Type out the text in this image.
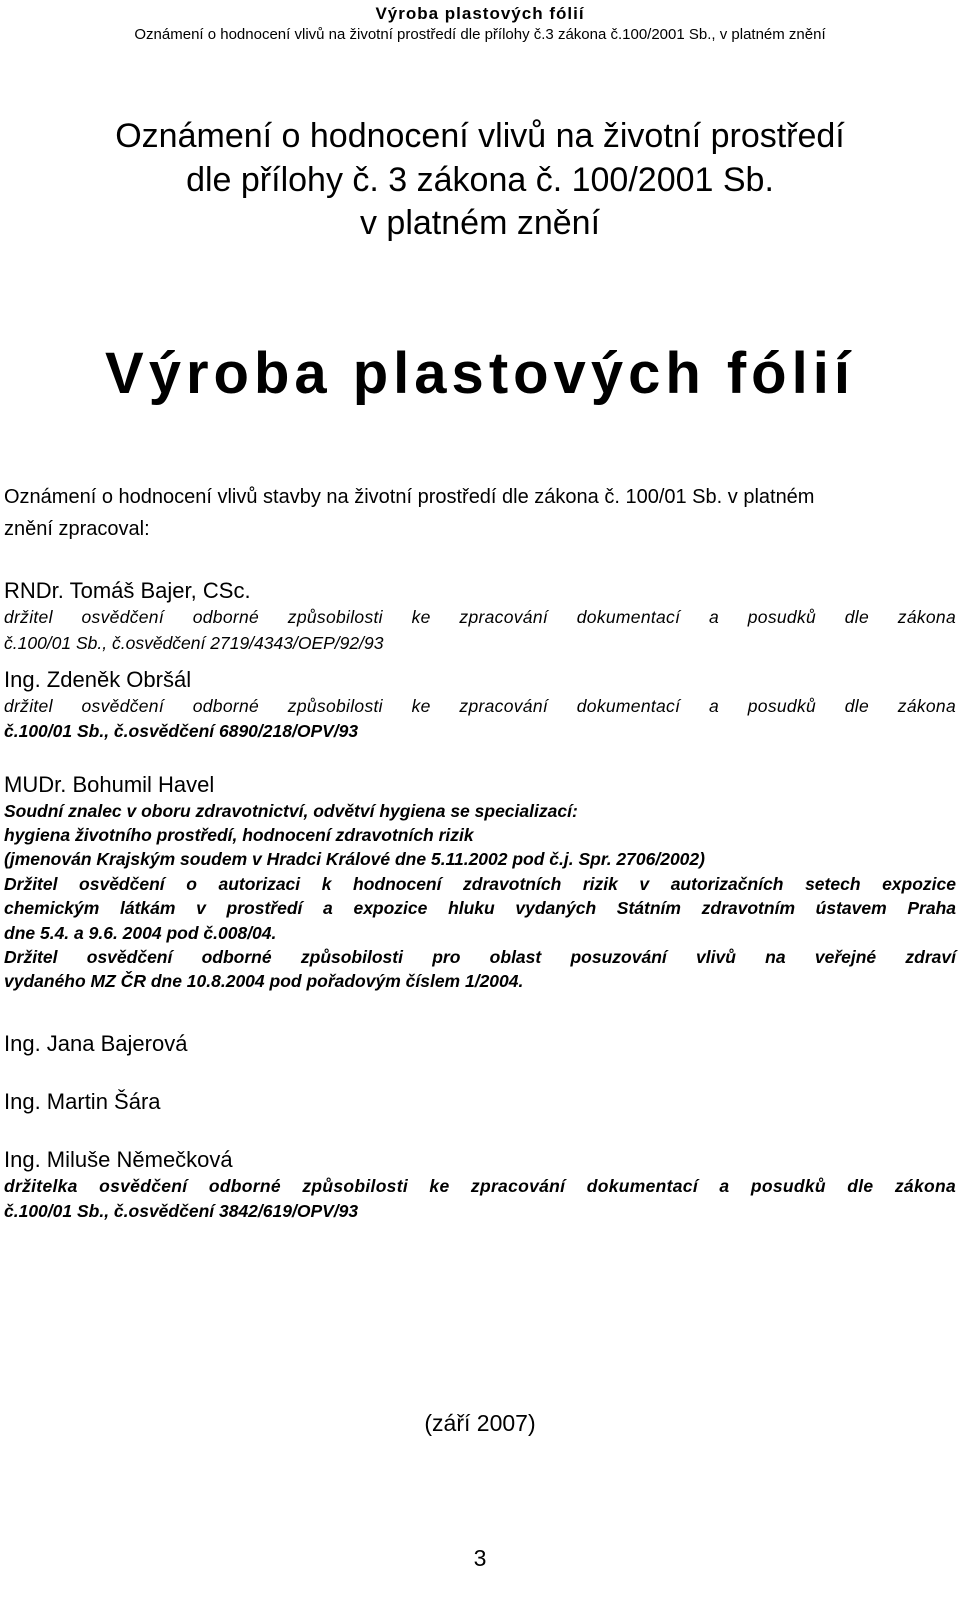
Výroba plastových fólií
Oznámení o hodnocení vlivů na životní prostředí dle přílohy č.3 zákona č.100/2001 Sb., v platném znění
Oznámení o hodnocení vlivů na životní prostředí
dle přílohy č. 3 zákona č. 100/2001 Sb.
v platném znění
Výroba plastových fólií
Oznámení o hodnocení vlivů stavby na životní prostředí dle zákona č. 100/01 Sb. v platném
znění zpracoval:
RNDr. Tomáš Bajer, CSc.
držitel osvědčení odborné způsobilosti ke zpracování dokumentací a posudků dle zákona
č.100/01 Sb., č.osvědčení 2719/4343/OEP/92/93
Ing. Zdeněk Obršál
držitel osvědčení odborné způsobilosti ke zpracování dokumentací a posudků dle zákona
č.100/01 Sb., č.osvědčení 6890/218/OPV/93
MUDr. Bohumil Havel
Soudní znalec v oboru zdravotnictví, odvětví hygiena se specializací:
hygiena životního prostředí, hodnocení zdravotních rizik
(jmenován Krajským soudem v Hradci Králové dne 5.11.2002 pod č.j. Spr. 2706/2002)
Držitel osvědčení o autorizaci k hodnocení zdravotních rizik v autorizačních setech expozice
chemickým látkám v prostředí a expozice hluku vydaných Státním zdravotním ústavem Praha
dne 5.4. a 9.6. 2004 pod č.008/04.
Držitel osvědčení odborné způsobilosti pro oblast posuzování vlivů na veřejné zdraví
vydaného MZ ČR dne 10.8.2004 pod pořadovým číslem 1/2004.
Ing. Jana Bajerová
Ing. Martin Šára
Ing. Miluše Němečková
držitelka osvědčení odborné způsobilosti ke zpracování dokumentací a posudků dle zákona
č.100/01 Sb., č.osvědčení 3842/619/OPV/93
(září 2007)
3
